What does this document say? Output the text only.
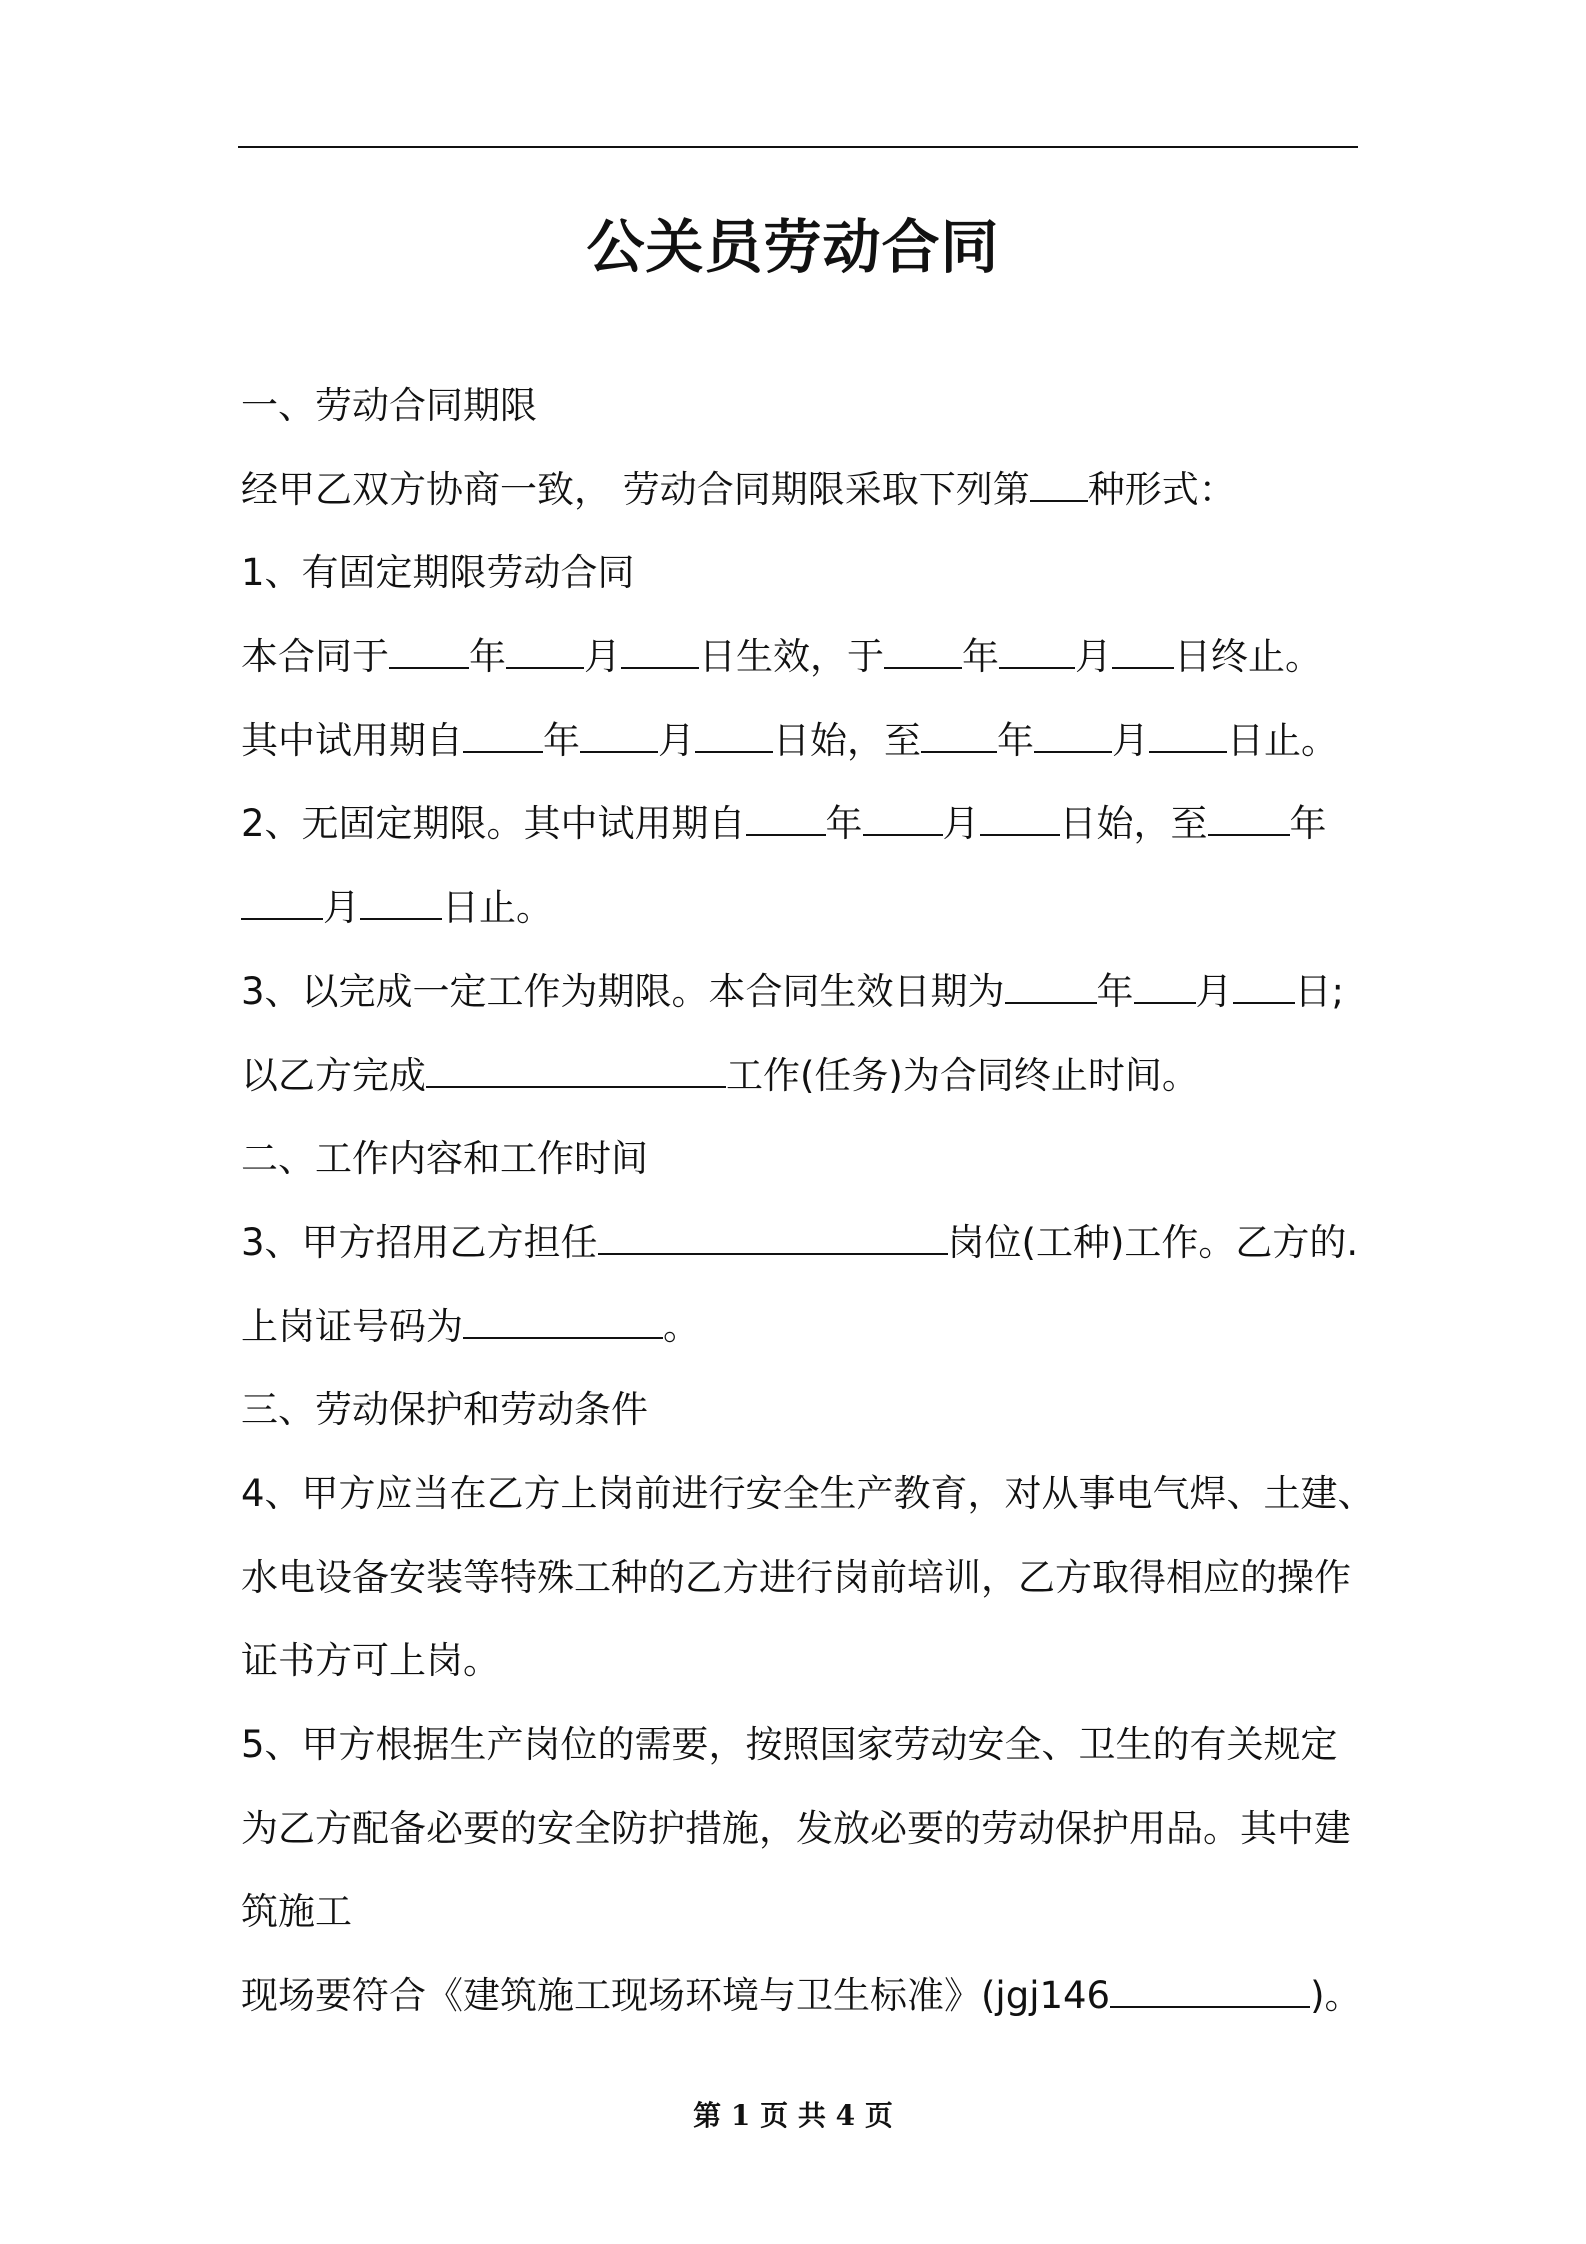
公关员劳动合同
一、劳动合同期限
经甲乙双方协商一致， 劳动合同期限采取下列第 种形式：
1、有固定期限劳动合同
本合同于 年 月 日生效，于 年 月 日终止。
其中试用期自 年 月 日始，至 年 月 日止。
2、无固定期限。其中试用期自 年 月 日始，至 年
月 日止。
3、以完成一定工作为期限。本合同生效日期为 年 月 日;
以乙方完成	工作(任务)为合同终止时间。
二、工作内容和工作时间
3、甲方招用乙方担任	岗位(工种)工作。乙方的.
上岗证号码为	。
三、劳动保护和劳动条件
4、甲方应当在乙方上岗前进行安全生产教育，对从事电气焊、土建、
水电设备安装等特殊工种的乙方进行岗前培训，乙方取得相应的操作
证书方可上岗。
5、甲方根据生产岗位的需要，按照国家劳动安全、卫生的有关规定
为乙方配备必要的安全防护措施，发放必要的劳动保护用品。其中建
筑施工
现场要符合《建筑施工现场环境与卫生标准》(jgj146	)。
第 1 页 共 4 页
